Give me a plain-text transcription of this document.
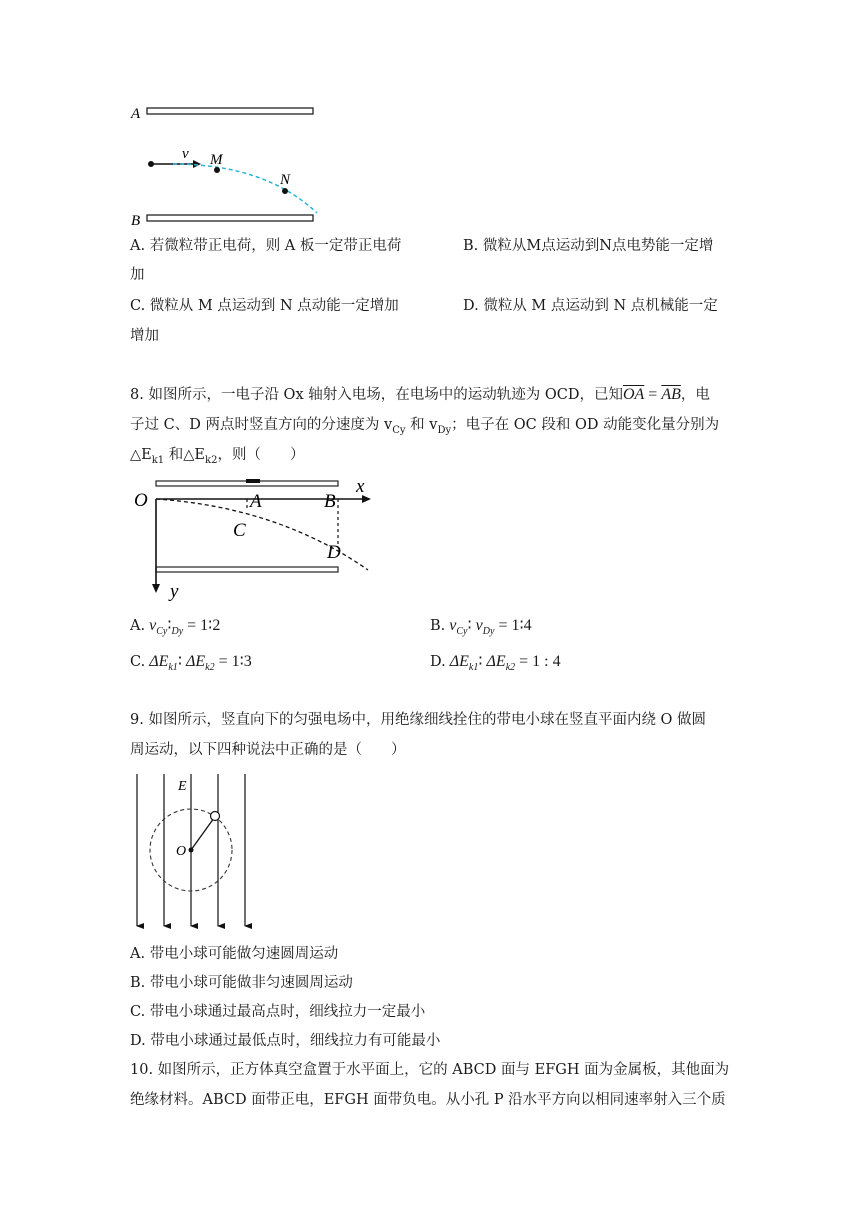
A
B
v M
N
A. 若微粒带正电荷，则 A 板一定带正电荷	B. 微粒从M点运动到N点电势能一定增
加
C. 微粒从 M 点运动到 N 点动能一定增加	D. 微粒从 M 点运动到 N 点机械能一定
增加
8. 如图所示，一电子沿 Ox 轴射入电场，在电场中的运动轨迹为 OCD，已知$\overline{OA} = \overline{AB}$，电
子过 C、D 两点时竖直方向的分速度为 $v_{Cy}$ 和 $v_{Dy}$；电子在 OC 段和 OD 动能变化量分别为
$\triangle E_{k1}$ 和$\triangle E_{k2}$，则（　　）
O
x
y
A	B
C
D
A. $v_{Cy}∶_{Dy}$ = 1∶2	B. $v_{Cy}∶$ $v_{Dy}$ = 1∶4
C. $\Delta E_{k1}∶$ $\Delta E_{k2}$ = 1∶3	D. $\Delta E_{k1}∶$ $\Delta E_{k2} = 1$ : 4
9. 如图所示，竖直向下的匀强电场中，用绝缘细线拴住的带电小球在竖直平面内绕 O 做圆
周运动，以下四种说法中正确的是（　　）
E
O
A. 带电小球可能做匀速圆周运动
B. 带电小球可能做非匀速圆周运动
C. 带电小球通过最高点时，细线拉力一定最小
D. 带电小球通过最低点时，细线拉力有可能最小
10. 如图所示，正方体真空盒置于水平面上，它的 ABCD 面与 EFGH 面为金属板，其他面为
绝缘材料。ABCD 面带正电，EFGH 面带负电。从小孔 P 沿水平方向以相同速率射入三个质
